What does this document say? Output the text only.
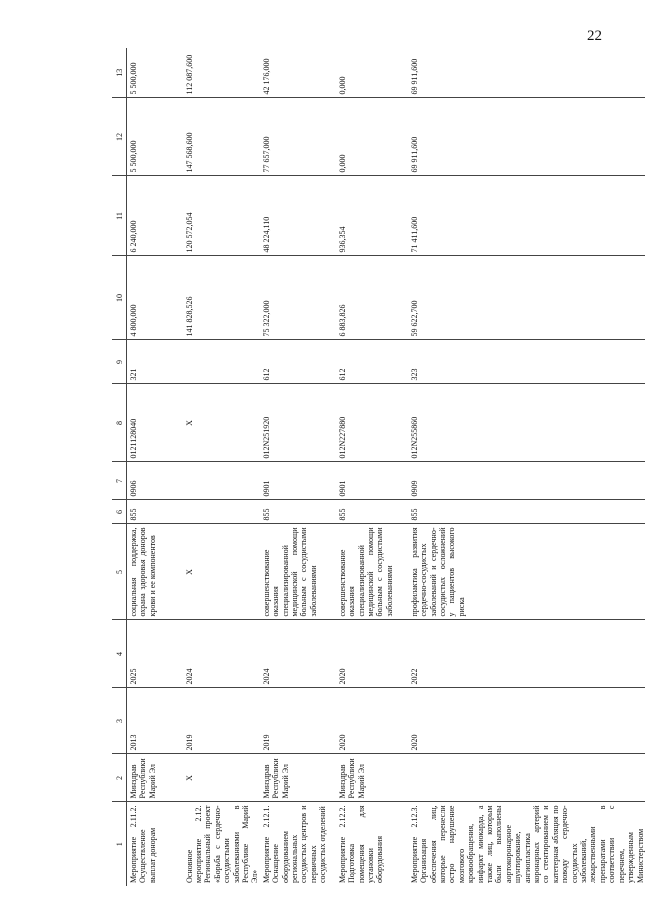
22
1	2	3	4	5	6	7	8	9	10	11	12	13
Мероприятие 2.11.2. Осуществление выплат донорам	Минздрав Республики Марий Эл	2013	2025	социальная поддержка, охрана здоровья доноров крови и ее компонентов	855	0906	0121128040	321	4 800,000	6 240,000	5 500,000	5 500,000
Основное мероприятие 2.12. Региональный проект «Борьба с сердечно-сосудистыми заболеваниями в Республике Марий Эл»	X	2019	2024	X			X		141 828,526	120 572,054	147 568,600	112 087,600
Мероприятие 2.12.1. Оснащение оборудованием региональных сосудистых центров и первичных сосудистых отделений	Минздрав Республики Марий Эл	2019	2024	совершенствование оказания специализированной медицинской помощи больным с сосудистыми заболеваниями	855	0901	012N251920	612	75 322,000	48 224,110	77 657,000	42 176,000
Мероприятие 2.12.2. Подготовка помещения для установки оборудования	Минздрав Республики Марий Эл	2020	2020	совершенствование оказания специализированной медицинской помощи больным с сосудистыми заболеваниями	855	0901	012N227880	612	6 883,826	936,354	0,000	0,000
Мероприятие 2.12.3. Организация обеспечения лиц, которые перенесли остро нарушение мозгового кровообращения, инфаркт миокарда, а также лиц, которым были выполнены аортокоронарное шунтирование, ангиопластика коронарных артерий со стентированием и катетерная абляция по поводу сердечно-сосудистых заболеваний, лекарственными препаратами в соответствии с перечнем, утвержденным Министерством		2020	2022	профилактика развития сердечно-сосудистых заболеваний и сердечно-сосудистых осложнений у пациентов высокого риска	855	0909	012N255860	323	59 622,700	71 411,600	69 911,600	69 911,600
